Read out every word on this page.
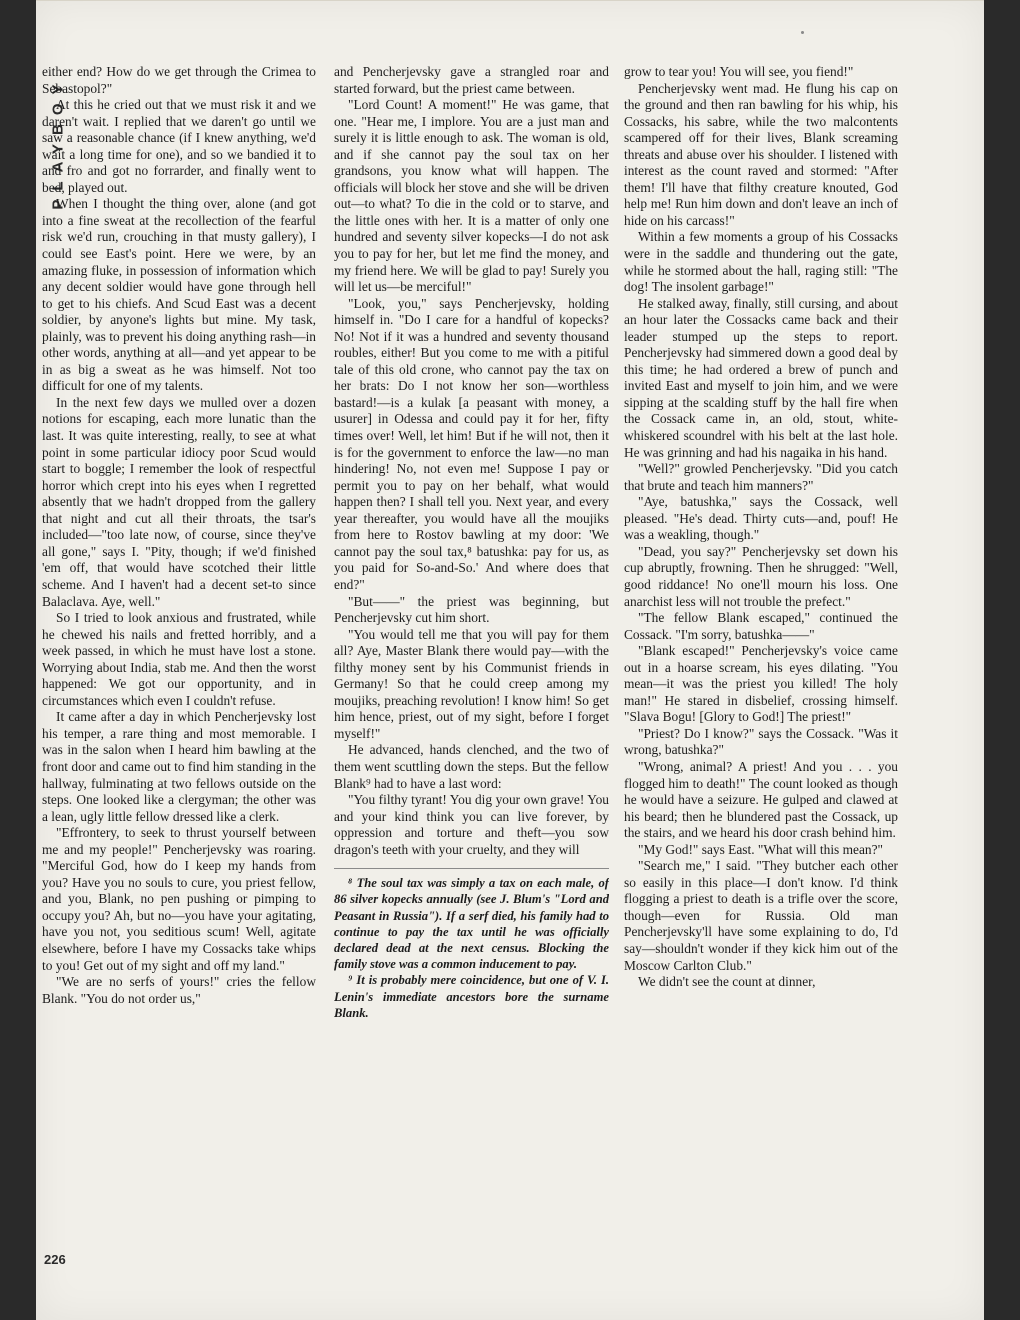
PLAYBOY
226

either end? How do we get through the Crimea to Sebastopol?"

At this he cried out that we must risk it and we daren't wait. I replied that we daren't go until we saw a reasonable chance (if I knew anything, we'd wait a long time for one), and so we bandied it to and fro and got no forrarder, and finally went to bed, played out.

When I thought the thing over, alone (and got into a fine sweat at the recollection of the fearful risk we'd run, crouching in that musty gallery), I could see East's point. Here we were, by an amazing fluke, in possession of information which any decent soldier would have gone through hell to get to his chiefs. And Scud East was a decent soldier, by anyone's lights but mine. My task, plainly, was to prevent his doing anything rash—in other words, anything at all—and yet appear to be in as big a sweat as he was himself. Not too difficult for one of my talents.

In the next few days we mulled over a dozen notions for escaping, each more lunatic than the last. It was quite interesting, really, to see at what point in some particular idiocy poor Scud would start to boggle; I remember the look of respectful horror which crept into his eyes when I regretted absently that we hadn't dropped from the gallery that night and cut all their throats, the tsar's included—"too late now, of course, since they've all gone," says I. "Pity, though; if we'd finished 'em off, that would have scotched their little scheme. And I haven't had a decent set-to since Balaclava. Aye, well."

So I tried to look anxious and frustrated, while he chewed his nails and fretted horribly, and a week passed, in which he must have lost a stone. Worrying about India, stab me. And then the worst happened: We got our opportunity, and in circumstances which even I couldn't refuse.

It came after a day in which Pencherjevsky lost his temper, a rare thing and most memorable. I was in the salon when I heard him bawling at the front door and came out to find him standing in the hallway, fulminating at two fellows outside on the steps. One looked like a clergyman; the other was a lean, ugly little fellow dressed like a clerk.

"Effrontery, to seek to thrust yourself between me and my people!" Pencherjevsky was roaring. "Merciful God, how do I keep my hands from you? Have you no souls to cure, you priest fellow, and you, Blank, no pen pushing or pimping to occupy you? Ah, but no—you have your agitating, have you not, you seditious scum! Well, agitate elsewhere, before I have my Cossacks take whips to you! Get out of my sight and off my land."

"We are no serfs of yours!" cries the fellow Blank. "You do not order us,"

and Pencherjevsky gave a strangled roar and started forward, but the priest came between.

"Lord Count! A moment!" He was game, that one. "Hear me, I implore. You are a just man and surely it is little enough to ask. The woman is old, and if she cannot pay the soul tax on her grandsons, you know what will happen. The officials will block her stove and she will be driven out—to what? To die in the cold or to starve, and the little ones with her. It is a matter of only one hundred and seventy silver kopecks—I do not ask you to pay for her, but let me find the money, and my friend here. We will be glad to pay! Surely you will let us—be merciful!"

"Look, you," says Pencherjevsky, holding himself in. "Do I care for a handful of kopecks? No! Not if it was a hundred and seventy thousand roubles, either! But you come to me with a pitiful tale of this old crone, who cannot pay the tax on her brats: Do I not know her son—worthless bastard!—is a kulak [a peasant with money, a usurer] in Odessa and could pay it for her, fifty times over! Well, let him! But if he will not, then it is for the government to enforce the law—no man hindering! No, not even me! Suppose I pay or permit you to pay on her behalf, what would happen then? I shall tell you. Next year, and every year thereafter, you would have all the moujiks from here to Rostov bawling at my door: 'We cannot pay the soul tax,⁸ batushka: pay for us, as you paid for So-and-So.' And where does that end?"

"But——" the priest was beginning, but Pencherjevsky cut him short.

"You would tell me that you will pay for them all? Aye, Master Blank there would pay—with the filthy money sent by his Communist friends in Germany! So that he could creep among my moujiks, preaching revolution! I know him! So get him hence, priest, out of my sight, before I forget myself!"

He advanced, hands clenched, and the two of them went scuttling down the steps. But the fellow Blank⁹ had to have a last word:

"You filthy tyrant! You dig your own grave! You and your kind think you can live forever, by oppression and torture and theft—you sow dragon's teeth with your cruelty, and they will

⁸ The soul tax was simply a tax on each male, of 86 silver kopecks annually (see J. Blum's "Lord and Peasant in Russia"). If a serf died, his family had to continue to pay the tax until he was officially declared dead at the next census. Blocking the family stove was a common inducement to pay.

⁹ It is probably mere coincidence, but one of V. I. Lenin's immediate ancestors bore the surname Blank.

grow to tear you! You will see, you fiend!"

Pencherjevsky went mad. He flung his cap on the ground and then ran bawling for his whip, his Cossacks, his sabre, while the two malcontents scampered off for their lives, Blank screaming threats and abuse over his shoulder. I listened with interest as the count raved and stormed: "After them! I'll have that filthy creature knouted, God help me! Run him down and don't leave an inch of hide on his carcass!"

Within a few moments a group of his Cossacks were in the saddle and thundering out the gate, while he stormed about the hall, raging still: "The dog! The insolent garbage!"

He stalked away, finally, still cursing, and about an hour later the Cossacks came back and their leader stumped up the steps to report. Pencherjevsky had simmered down a good deal by this time; he had ordered a brew of punch and invited East and myself to join him, and we were sipping at the scalding stuff by the hall fire when the Cossack came in, an old, stout, white-whiskered scoundrel with his belt at the last hole. He was grinning and had his nagaika in his hand.

"Well?" growled Pencherjevsky. "Did you catch that brute and teach him manners?"

"Aye, batushka," says the Cossack, well pleased. "He's dead. Thirty cuts—and, pouf! He was a weakling, though."

"Dead, you say?" Pencherjevsky set down his cup abruptly, frowning. Then he shrugged: "Well, good riddance! No one'll mourn his loss. One anarchist less will not trouble the prefect."

"The fellow Blank escaped," continued the Cossack. "I'm sorry, batushka——"

"Blank escaped!" Pencherjevsky's voice came out in a hoarse scream, his eyes dilating. "You mean—it was the priest you killed! The holy man!" He stared in disbelief, crossing himself. "Slava Bogu! [Glory to God!] The priest!"

"Priest? Do I know?" says the Cossack. "Was it wrong, batushka?"

"Wrong, animal? A priest! And you . . . you flogged him to death!" The count looked as though he would have a seizure. He gulped and clawed at his beard; then he blundered past the Cossack, up the stairs, and we heard his door crash behind him.

"My God!" says East. "What will this mean?"

"Search me," I said. "They butcher each other so easily in this place—I don't know. I'd think flogging a priest to death is a trifle over the score, though—even for Russia. Old man Pencherjevsky'll have some explaining to do, I'd say—shouldn't wonder if they kick him out of the Moscow Carlton Club."

We didn't see the count at dinner,
